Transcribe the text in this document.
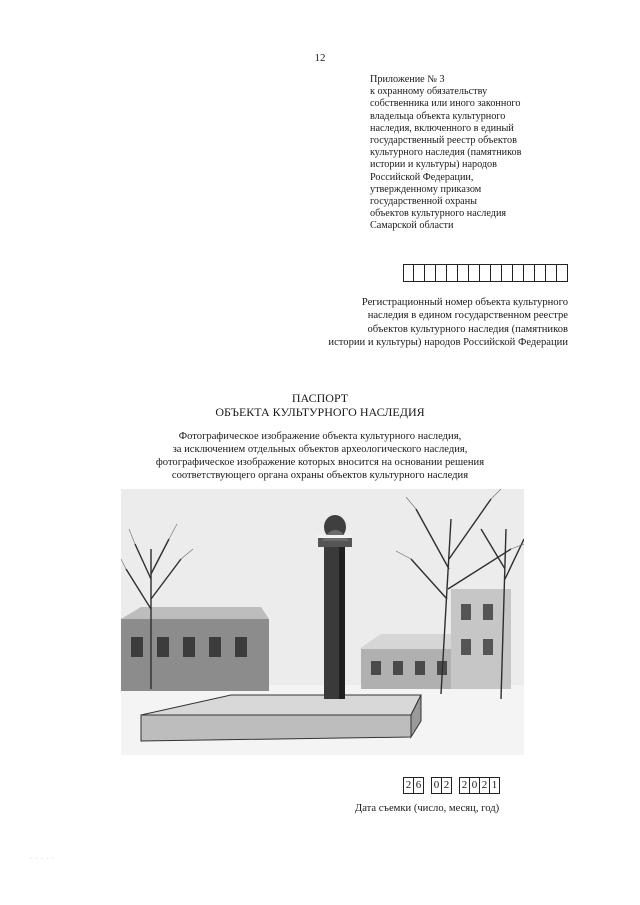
12
Приложение № 3
к охранному обязательству
собственника или иного законного
владельца объекта культурного
наследия, включенного в единый
государственный реестр объектов
культурного наследия (памятников
истории и культуры) народов
Российской Федерации,
утвержденному приказом
государственной охраны
объектов культурного наследия
Самарской области
Регистрационный номер объекта культурного
наследия в едином государственном реестре
объектов культурного наследия (памятников
истории и культуры) народов Российской Федерации
ПАСПОРТ
ОБЪЕКТА КУЛЬТУРНОГО НАСЛЕДИЯ
Фотографическое изображение объекта культурного наследия,
за исключением отдельных объектов археологического наследия,
фотографическое изображение которых вносится на основании решения
соответствующего органа охраны объектов культурного наследия
2 6 0 2 2 0 2 1
Дата съемки (число, месяц, год)
· · · · ·
